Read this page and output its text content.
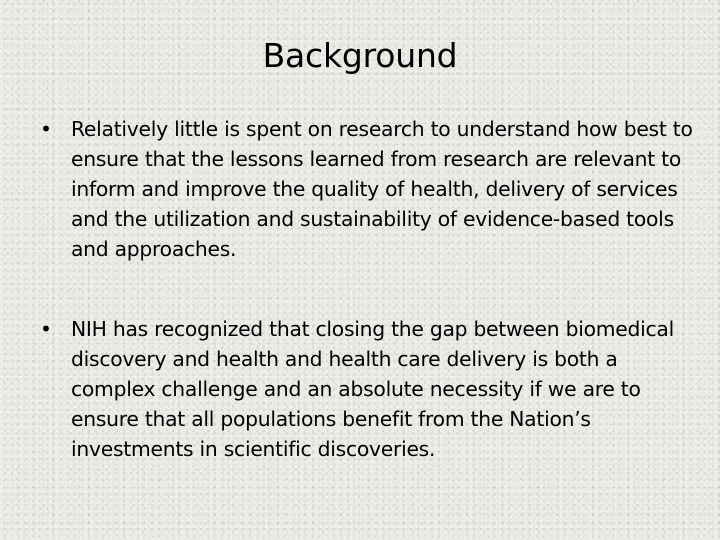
Background
• Relatively little is spent on research to understand how best to ensure that the lessons learned from research are relevant to inform and improve the quality of health, delivery of services and the utilization and sustainability of evidence-based tools and approaches.
• NIH has recognized that closing the gap between biomedical discovery and health and health care delivery is both a complex challenge and an absolute necessity if we are to ensure that all populations benefit from the Nation’s investments in scientific discoveries.
